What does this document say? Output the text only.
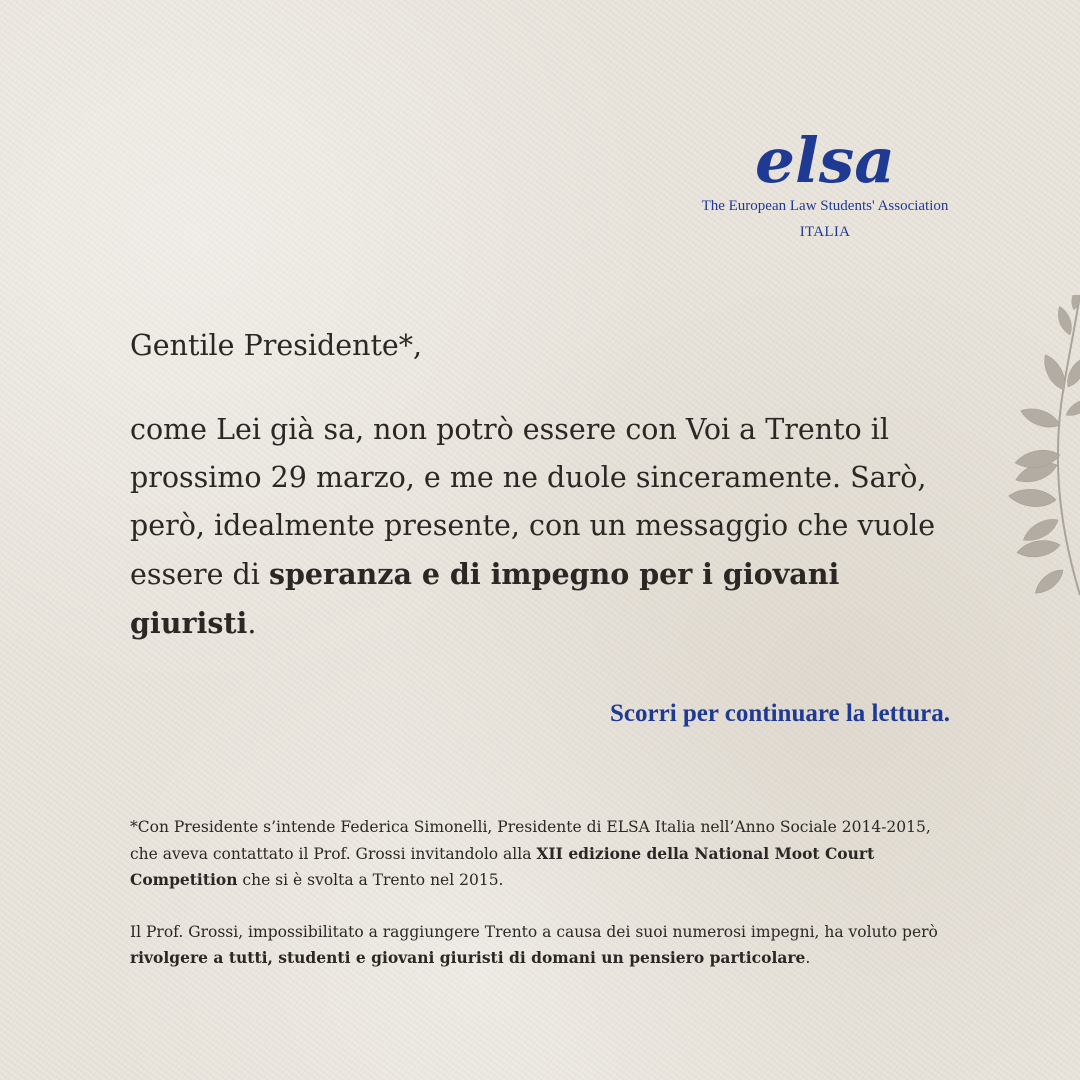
elsa
The European Law Students' Association
ITALIA

Gentile Presidente*,

come Lei già sa, non potrò essere con Voi a Trento il prossimo 29 marzo, e me ne duole sinceramente. Sarò, però, idealmente presente, con un messaggio che vuole essere di speranza e di impegno per i giovani giuristi.

Scorri per continuare la lettura.

*Con Presidente s’intende Federica Simonelli, Presidente di ELSA Italia nell’Anno Sociale 2014-2015, che aveva contattato il Prof. Grossi invitandolo alla XII edizione della National Moot Court Competition che si è svolta a Trento nel 2015.

Il Prof. Grossi, impossibilitato a raggiungere Trento a causa dei suoi numerosi impegni, ha voluto però rivolgere a tutti, studenti e giovani giuristi di domani un pensiero particolare.
